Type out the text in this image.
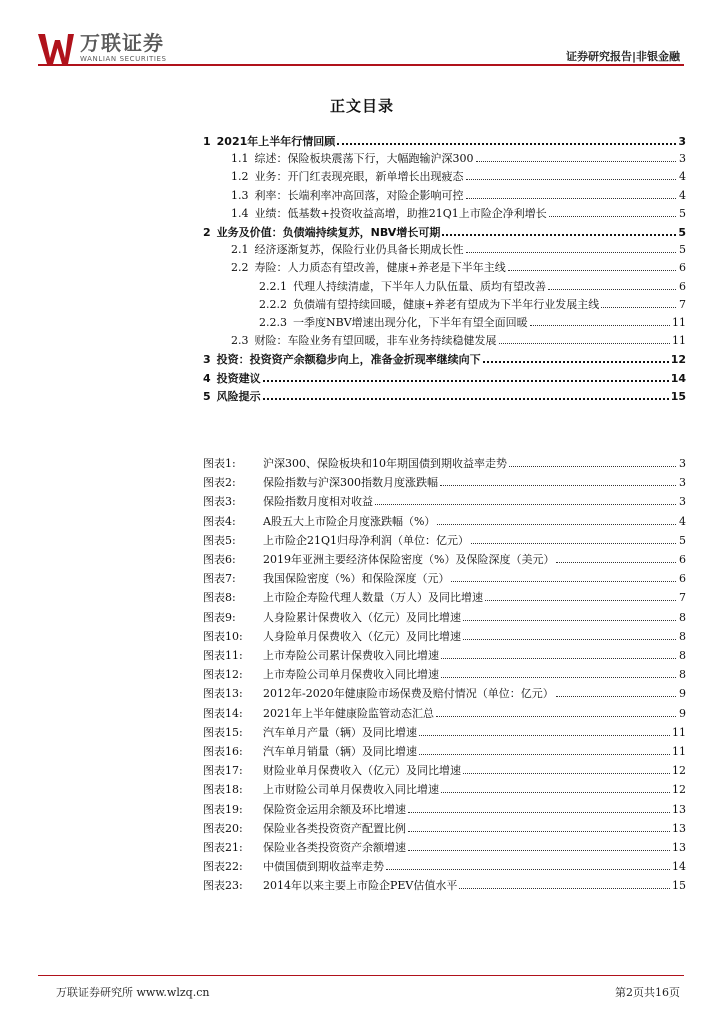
万联证券
WANLIAN SECURITIES	证券研究报告|非银金融
正文目录
1 2021年上半年行情回顾	3
1.1 综述：保险板块震荡下行，大幅跑输沪深300	3
1.2 业务：开门红表现亮眼，新单增长出现疲态	4
1.3 利率：长端利率冲高回落，对险企影响可控	4
1.4 业绩：低基数+投资收益高增，助推21Q1上市险企净利增长	5
2 业务及价值：负债端持续复苏，NBV增长可期	5
2.1 经济逐渐复苏，保险行业仍具备长期成长性	5
2.2 寿险：人力质态有望改善，健康+养老是下半年主线	6
2.2.1 代理人持续清虚，下半年人力队伍量、质均有望改善	6
2.2.2 负债端有望持续回暖，健康+养老有望成为下半年行业发展主线	7
2.2.3 一季度NBV增速出现分化，下半年有望全面回暖	11
2.3 财险：车险业务有望回暖，非车业务持续稳健发展	11
3 投资：投资资产余额稳步向上，准备金折现率继续向下	12
4 投资建议	14
5 风险提示	15
图表1:	沪深300、保险板块和10年期国债到期收益率走势	3
图表2:	保险指数与沪深300指数月度涨跌幅	3
图表3:	保险指数月度相对收益	3
图表4:	A股五大上市险企月度涨跌幅（%）	4
图表5:	上市险企21Q1归母净利润（单位：亿元）	5
图表6:	2019年亚洲主要经济体保险密度（%）及保险深度（美元）	6
图表7:	我国保险密度（%）和保险深度（元）	6
图表8:	上市险企寿险代理人数量（万人）及同比增速	7
图表9:	人身险累计保费收入（亿元）及同比增速	8
图表10:	人身险单月保费收入（亿元）及同比增速	8
图表11:	上市寿险公司累计保费收入同比增速	8
图表12:	上市寿险公司单月保费收入同比增速	8
图表13:	2012年-2020年健康险市场保费及赔付情况（单位：亿元）	9
图表14:	2021年上半年健康险监管动态汇总	9
图表15:	汽车单月产量（辆）及同比增速	11
图表16:	汽车单月销量（辆）及同比增速	11
图表17:	财险业单月保费收入（亿元）及同比增速	12
图表18:	上市财险公司单月保费收入同比增速	12
图表19:	保险资金运用余额及环比增速	13
图表20:	保险业各类投资资产配置比例	13
图表21:	保险业各类投资资产余额增速	13
图表22:	中债国债到期收益率走势	14
图表23:	2014年以来主要上市险企PEV估值水平	15
万联证券研究所 www.wlzq.cn	第2页共16页
